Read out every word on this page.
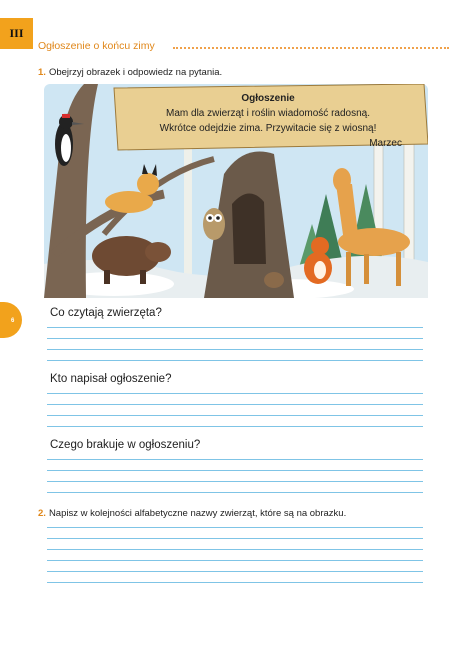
III
Ogłoszenie o końcu zimy
1. Obejrzyj obrazek i odpowiedz na pytania.
Ogłoszenie
Mam dla zwierząt i roślin wiadomość radosną.
Wkrótce odejdzie zima. Przywitacie się z wiosną!
Marzec
6
Co czytają zwierzęta?
Kto napisał ogłoszenie?
Czego brakuje w ogłoszeniu?
2. Napisz w kolejności alfabetyczne nazwy zwierząt, które są na obrazku.
